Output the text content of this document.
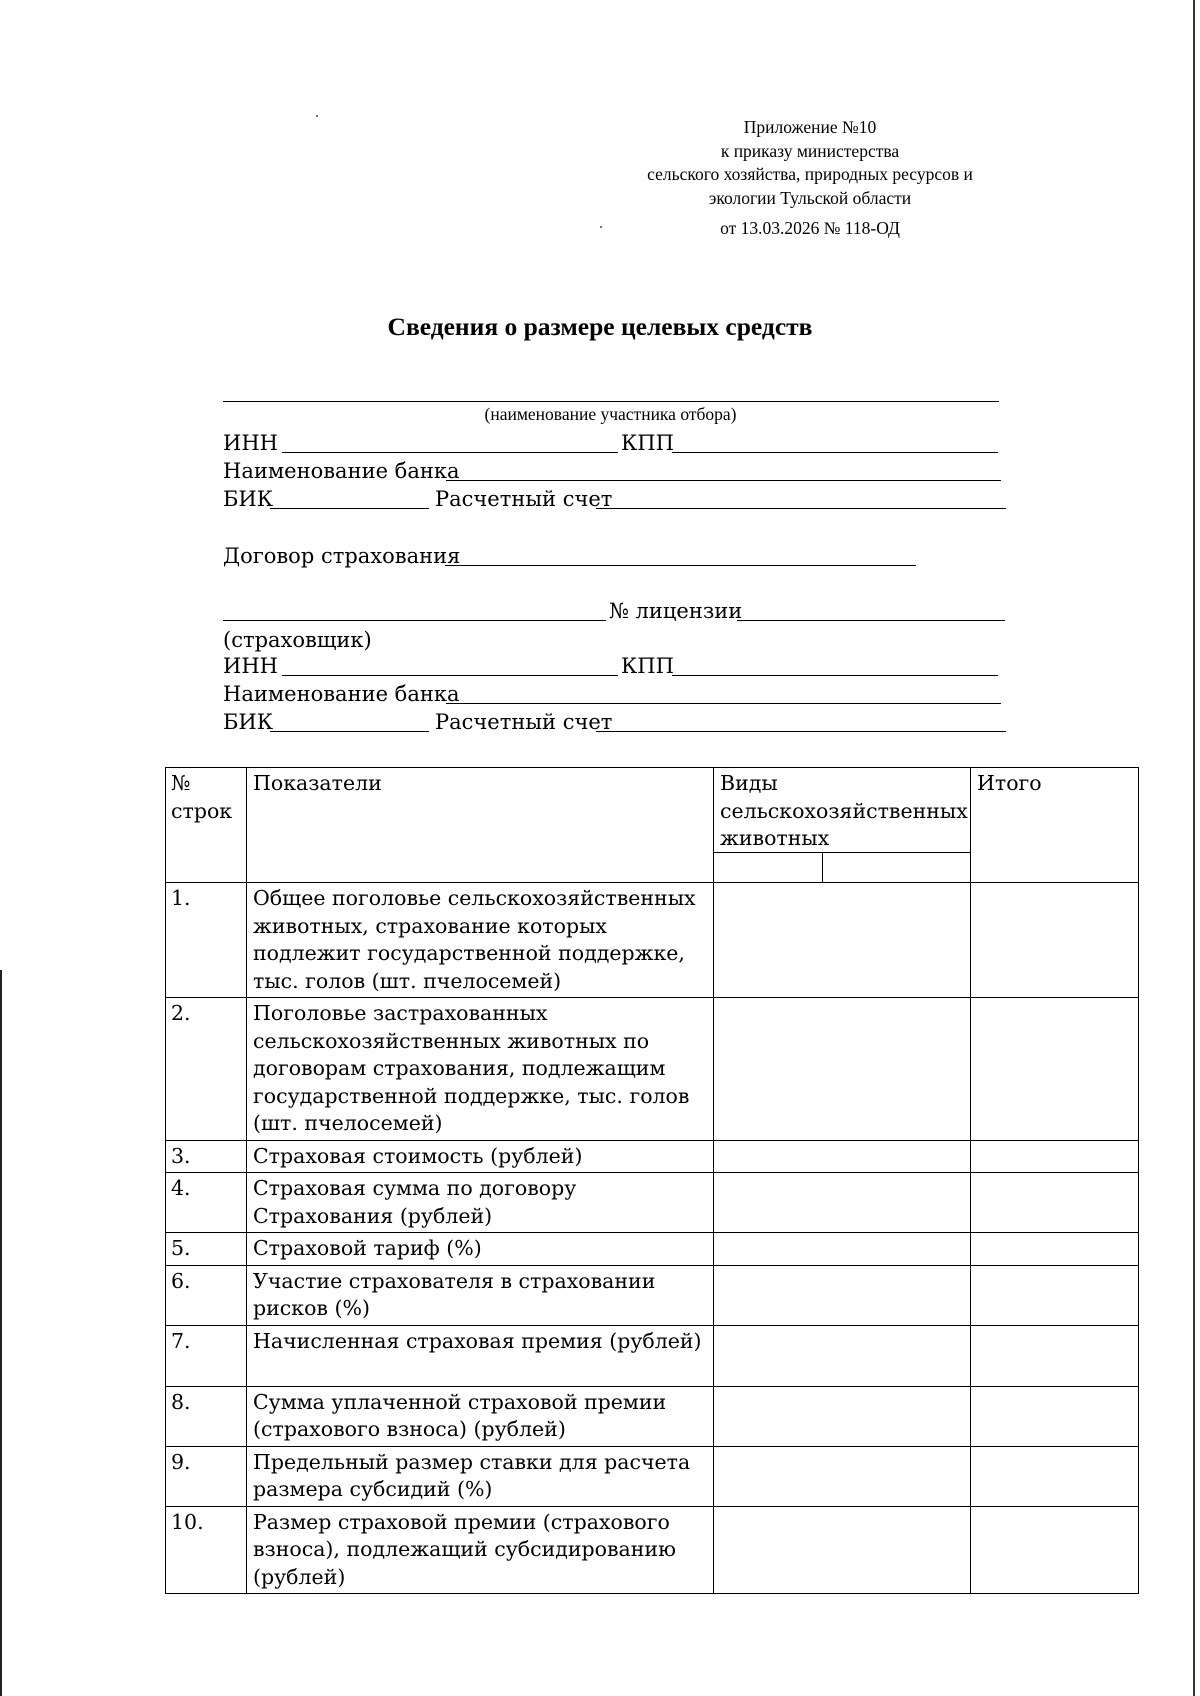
Приложение №10
к приказу министерства
сельского хозяйства, природных ресурсов и
экологии Тульской области
от 13.03.2026 № 118-ОД
Сведения о размере целевых средств
(наименование участника отбора)
ИНН	КПП
Наименование банка
БИК	Расчетный счет
Договор страхования
№ лицензии
(страховщик)
ИНН	КПП
Наименование банка
БИК	Расчетный счет
№ строк	Показатели	Виды сельскохозяйственных животных	Итого
1.	Общее поголовье сельскохозяйственных животных, страхование которых подлежит государственной поддержке, тыс. голов (шт. пчелосемей)		
2.	Поголовье застрахованных сельскохозяйственных животных по договорам страхования, подлежащим государственной поддержке, тыс. голов (шт. пчелосемей)		
3.	Страховая стоимость (рублей)		
4.	Страховая сумма по договору Страхования (рублей)		
5.	Страховой тариф (%)		
6.	Участие страхователя в страховании рисков (%)		
7.	Начисленная страховая премия (рублей)		
8.	Сумма уплаченной страховой премии (страхового взноса) (рублей)		
9.	Предельный размер ставки для расчета размера субсидий (%)		
10.	Размер страховой премии (страхового взноса), подлежащий субсидированию (рублей)		
